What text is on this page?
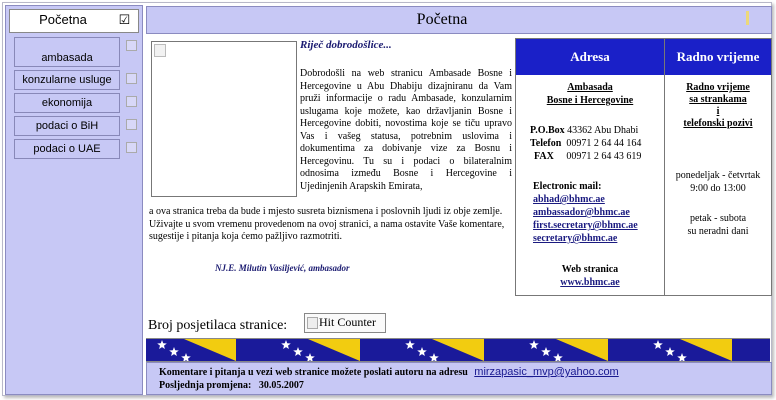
Početna	☑
ambasada
konzularne usluge
ekonomija
podaci o BiH
podaci o UAE
Početna
Riječ dobrodošlice...
Dobrodošli na web stranicu Ambasade Bosne i Hercegovine u Abu Dhabiju dizajniranu da Vam pruži informacije o radu Ambasade, konzularnim uslugama koje možete, kao državljanin Bosne i Hercegovine dobiti, novostima koje se tiču upravo Vas i vašeg statusa, potrebnim uslovima i dokumentima za dobivanje vize za Bosnu i Hercegovinu. Tu su i podaci o bilateralnim odnosima između Bosne i Hercegovine i Ujedinjenih Arapskih Emirata,
a ova stranica treba da bude i mjesto susreta biznismena i poslovnih ljudi iz obje zemlje. Uživajte u svom vremenu provedenom na ovoj stranici, a nama ostavite Vaše komentare, sugestije i pitanja koja ćemo pažljivo razmotriti.
NJ.E. Milutin Vasiljević, ambasador
Adresa
Ambasada
Bosne i Hercegovine
P.O.Box 43362 Abu Dhabi
Telefon 00971 2 64 44 164
FAX 00971 2 64 43 619
Electronic mail:
abhad@bhmc.ae
ambassador@bhmc.ae
first.secretary@bhmc.ae
secretary@bhmc.ae
Web stranica
www.bhmc.ae
Radno vrijeme
Radno vrijeme
sa strankama
i
telefonski pozivi
ponedeljak - četvrtak
9:00 do 13:00
petak - subota
su neradni dani
Broj posjetilaca stranice:	Hit Counter
Komentare i pitanja u vezi web stranice možete poslati autoru na adresu mirzapasic_mvp@yahoo.com
Posljednja promjena: 30.05.2007
